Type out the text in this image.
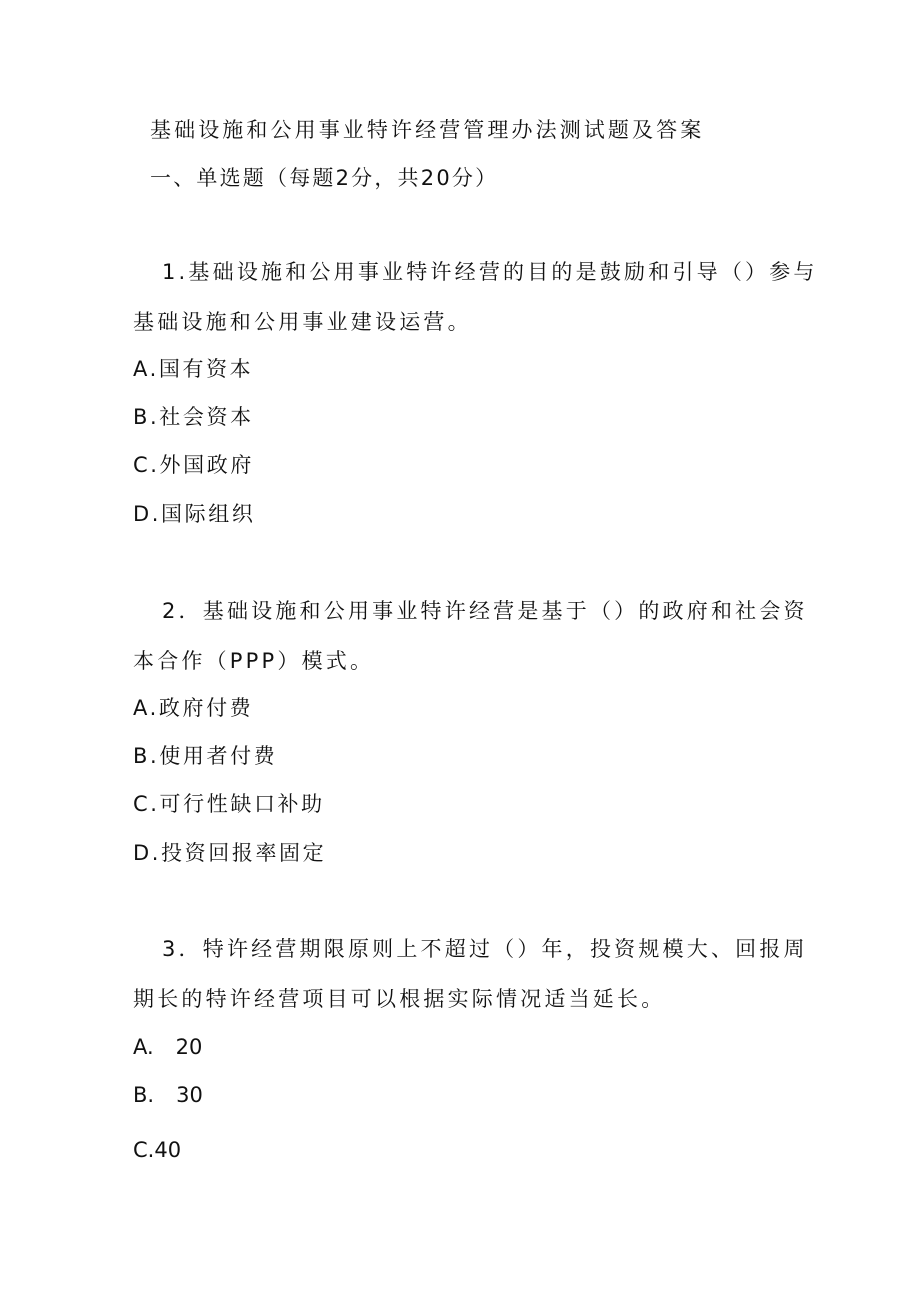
基础设施和公用事业特许经营管理办法测试题及答案
一、单选题（每题2分，共20分）
1.基础设施和公用事业特许经营的目的是鼓励和引导（）参与
基础设施和公用事业建设运营。
A.国有资本
B.社会资本
C.外国政府
D.国际组织
2．基础设施和公用事业特许经营是基于（）的政府和社会资
本合作（PPP）模式。
A.政府付费
B.使用者付费
C.可行性缺口补助
D.投资回报率固定
3．特许经营期限原则上不超过（）年，投资规模大、回报周
期长的特许经营项目可以根据实际情况适当延长。
A. 20
B. 30
C.40
